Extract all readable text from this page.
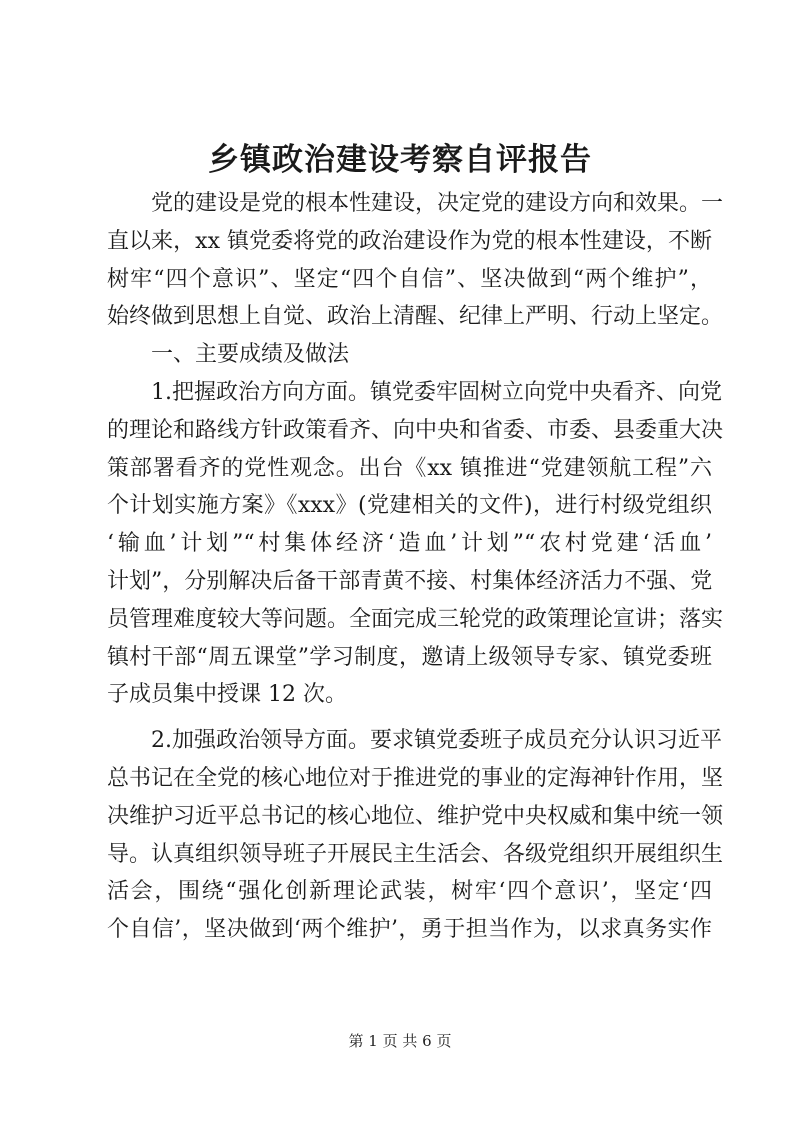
乡镇政治建设考察自评报告
党的建设是党的根本性建设，决定党的建设方向和效果。一
直以来，xx 镇党委将党的政治建设作为党的根本性建设，不断
树牢“四个意识”、坚定“四个自信”、坚决做到“两个维护”，
始终做到思想上自觉、政治上清醒、纪律上严明、行动上坚定。
一、主要成绩及做法
1.把握政治方向方面。镇党委牢固树立向党中央看齐、向党
的理论和路线方针政策看齐、向中央和省委、市委、县委重大决
策部署看齐的党性观念。出台《xx 镇推进“党建领航工程”六
个计划实施方案》《xxx》(党建相关的文件)，进行村级党组织
‘输血’计划”“村集体经济‘造血’计划”“农村党建‘活血’
计划”，分别解决后备干部青黄不接、村集体经济活力不强、党
员管理难度较大等问题。全面完成三轮党的政策理论宣讲；落实
镇村干部“周五课堂”学习制度，邀请上级领导专家、镇党委班
子成员集中授课 12 次。
2.加强政治领导方面。要求镇党委班子成员充分认识习近平
总书记在全党的核心地位对于推进党的事业的定海神针作用，坚
决维护习近平总书记的核心地位、维护党中央权威和集中统一领
导。认真组织领导班子开展民主生活会、各级党组织开展组织生
活会，围绕“强化创新理论武装，树牢‘四个意识’，坚定‘四
个自信’，坚决做到‘两个维护’，勇于担当作为，以求真务实作
第 1 页 共 6 页
